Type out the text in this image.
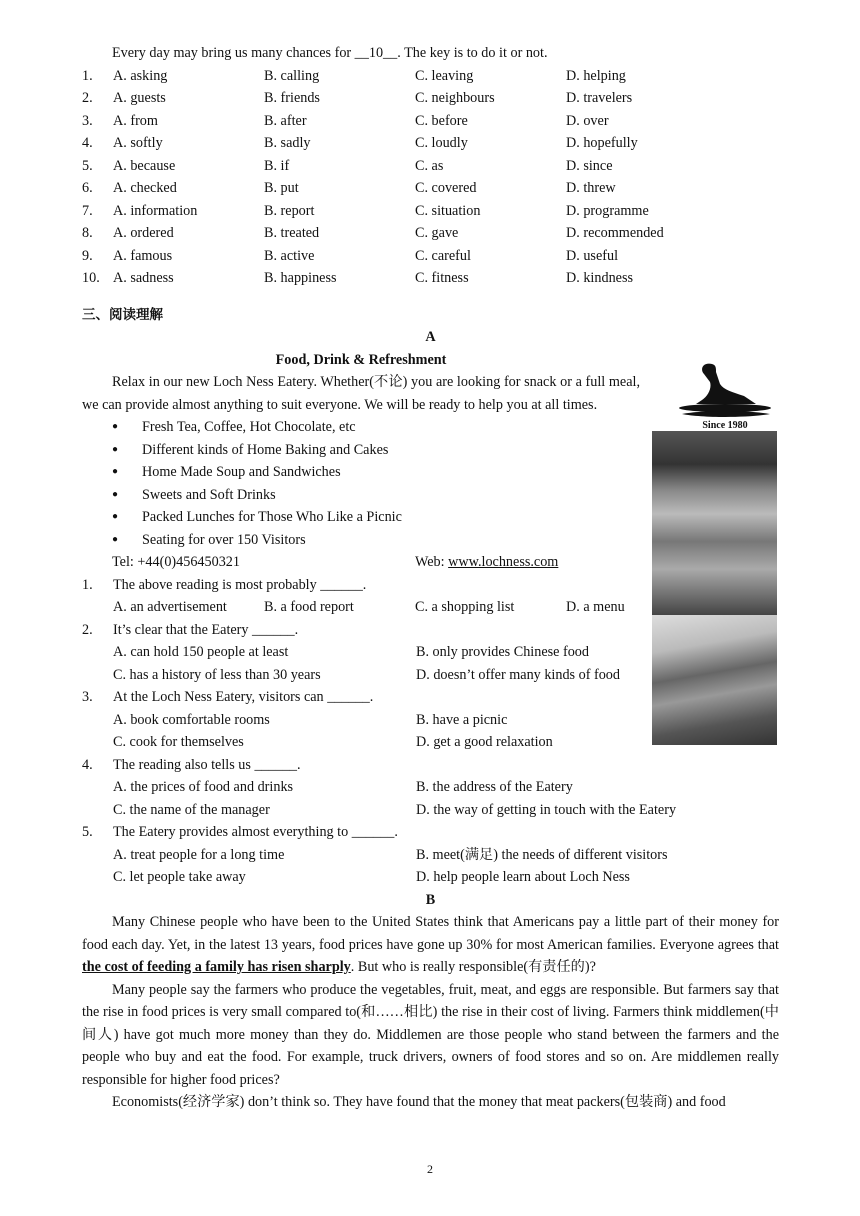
Since 1980
Every day may bring us many chances for __10__. The key is to do it or not.
1.	A. asking	B. calling	C. leaving	D. helping
2.	A. guests	B. friends	C. neighbours	D. travelers
3.	A. from	B. after	C. before	D. over
4.	A. softly	B. sadly	C. loudly	D. hopefully
5.	A. because	B. if	C. as	D. since
6.	A. checked	B. put	C. covered	D. threw
7.	A. information	B. report	C. situation	D. programme
8.	A. ordered	B. treated	C. gave	D. recommended
9.	A. famous	B. active	C. careful	D. useful
10. A. sadness	B. happiness	C. fitness	D. kindness
三、阅读理解
A
Food, Drink & Refreshment
Relax in our new Loch Ness Eatery. Whether(不论) you are looking for snack or a full meal, we can provide almost anything to suit everyone. We will be ready to help you at all times.
●	Fresh Tea, Coffee, Hot Chocolate, etc
●	Different kinds of Home Baking and Cakes
●	Home Made Soup and Sandwiches
●	Sweets and Soft Drinks
●	Packed Lunches for Those Who Like a Picnic
●	Seating for over 150 Visitors
Tel: +44(0)456450321	Web: www.lochness.com
1.	The above reading is most probably ______.
A. an advertisement	B. a food report	C. a shopping list	D. a menu
2.	It’s clear that the Eatery ______.
A. can hold 150 people at least	B. only provides Chinese food
C. has a history of less than 30 years	D. doesn’t offer many kinds of food
3.	At the Loch Ness Eatery, visitors can ______.
A. book comfortable rooms	B. have a picnic
C. cook for themselves	D. get a good relaxation
4.	The reading also tells us ______.
A. the prices of food and drinks	B. the address of the Eatery
C. the name of the manager	D. the way of getting in touch with the Eatery
5.	The Eatery provides almost everything to ______.
A. treat people for a long time	B. meet(满足) the needs of different visitors
C. let people take away	D. help people learn about Loch Ness
B
Many Chinese people who have been to the United States think that Americans pay a little part of their money for food each day. Yet, in the latest 13 years, food prices have gone up 30% for most American families. Everyone agrees that the cost of feeding a family has risen sharply. But who is really responsible(有责任的)?
Many people say the farmers who produce the vegetables, fruit, meat, and eggs are responsible. But farmers say that the rise in food prices is very small compared to(和……相比) the rise in their cost of living. Farmers think middlemen(中间人) have got much more money than they do. Middlemen are those people who stand between the farmers and the people who buy and eat the food. For example, truck drivers, owners of food stores and so on. Are middlemen really responsible for higher food prices?
Economists(经济学家) don’t think so. They have found that the money that meat packers(包装商) and food
2
